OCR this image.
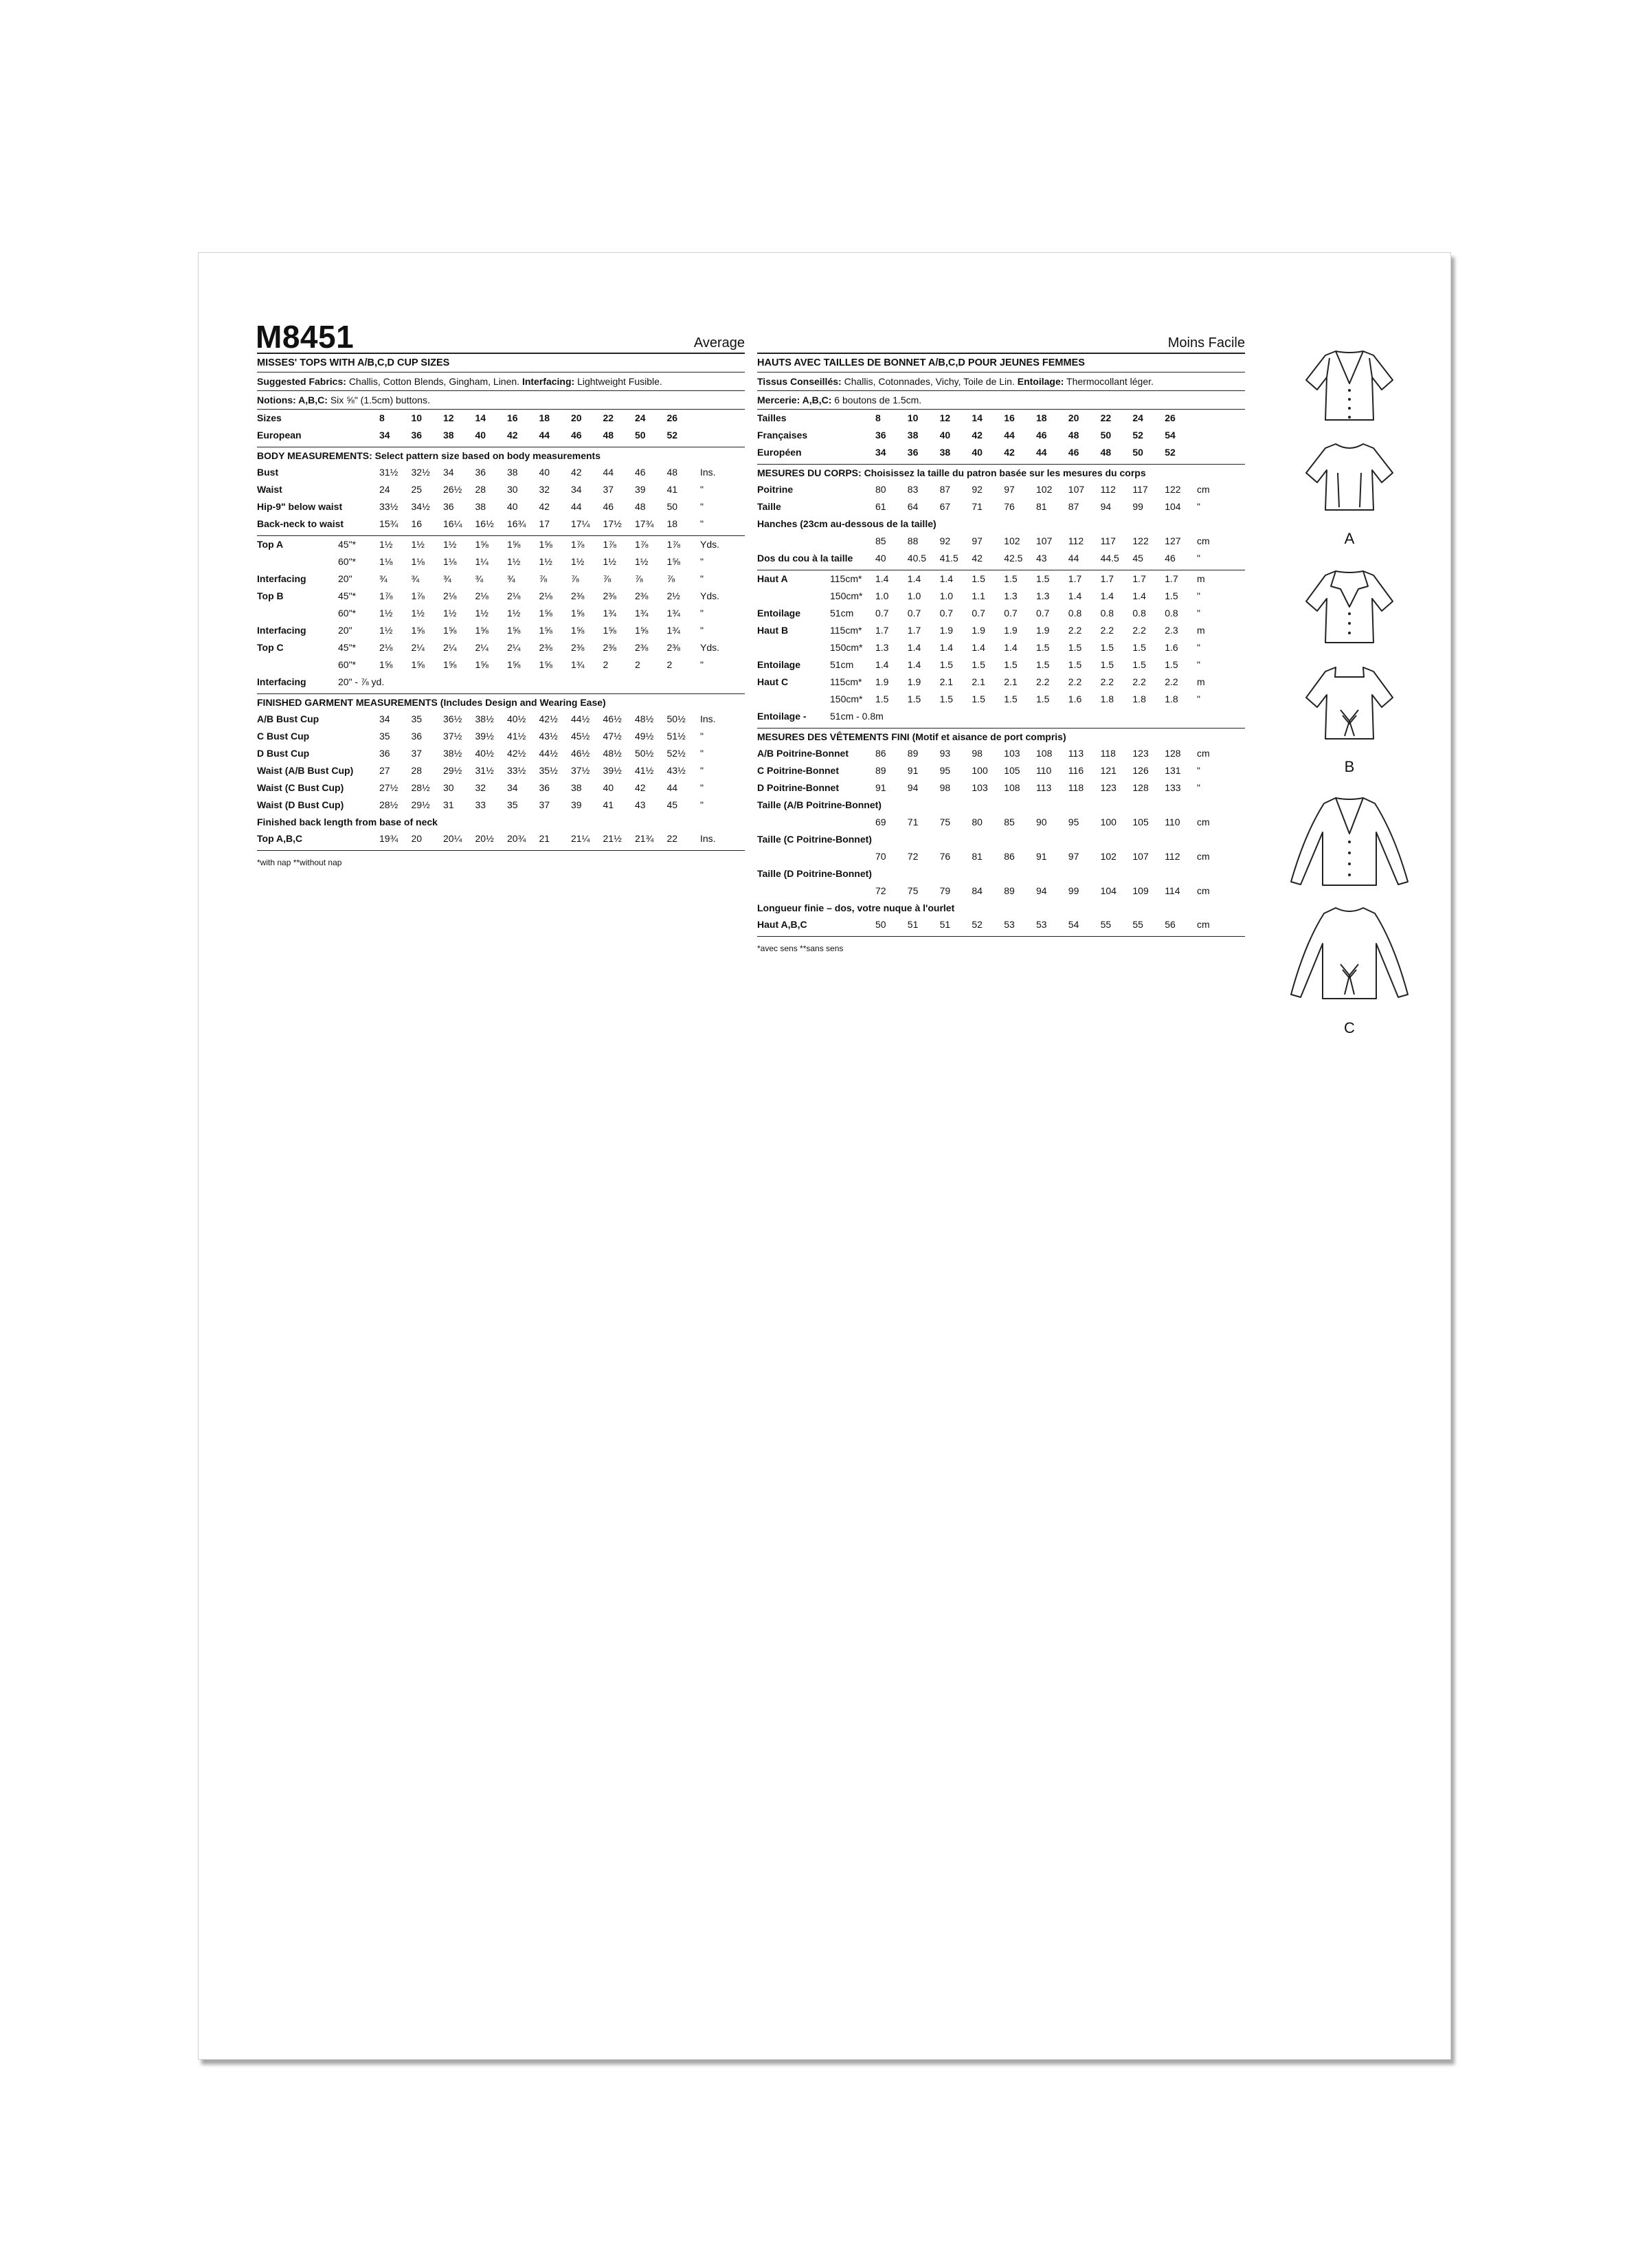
M8451	Average
MISSES' TOPS WITH A/B,C,D CUP SIZES
Suggested Fabrics: Challis, Cotton Blends, Gingham, Linen. Interfacing: Lightweight Fusible.
Notions: A,B,C: Six ⅝" (1.5cm) buttons.
Sizes	8	10 12 14 16 18 20 22 24 26
European	34 36 38 40 42 44 46 48 50 52
BODY MEASUREMENTS: Select pattern size based on body measurements
Bust	31½ 32½ 34 36 38 40 42 44 46 48 Ins.
Waist	24 25 26½ 28 30 32 34 37 39 41 "
Hip-9" below waist	33½ 34½ 36 38 40 42 44 46 48 50 "
Back-neck to waist	15¾ 16 16¼ 16½ 16¾ 17 17¼ 17½ 17¾ 18 "
Top A	45"* 1½ 1½ 1½ 1⅝ 1⅝ 1⅝ 1⅞ 1⅞ 1⅞ 1⅞ Yds.
60"* 1⅛ 1⅛ 1⅛ 1¼ 1½ 1½ 1½ 1½ 1½ 1⅝ "
Interfacing	20"	¾ ¾ ¾ ¾ ¾ ⅞ ⅞ ⅞ ⅞ ⅞	"
Top B	45"* 1⅞ 1⅞ 2⅛ 2⅛ 2⅛ 2⅛ 2⅜ 2⅜ 2⅜ 2½ Yds.
60"* 1½ 1½ 1½ 1½ 1½ 1⅝ 1⅝ 1¾ 1¾ 1¾ "
Interfacing	20"	1½ 1⅝ 1⅝ 1⅝ 1⅝ 1⅝ 1⅝ 1⅝ 1⅝ 1¾ "
Top C	45"* 2⅛ 2¼ 2¼ 2¼ 2¼ 2⅜ 2⅜ 2⅜ 2⅜ 2⅜ Yds.
60"* 1⅝ 1⅝ 1⅝ 1⅝ 1⅝ 1⅝ 1¾ 2	2	2	"
Interfacing	20" - ⅞ yd.
FINISHED GARMENT MEASUREMENTS (Includes Design and Wearing Ease)
A/B Bust Cup	34 35 36½ 38½ 40½ 42½ 44½ 46½ 48½ 50½ Ins.
C Bust Cup	35 36 37½ 39½ 41½ 43½ 45½ 47½ 49½ 51½ "
D Bust Cup	36 37 38½ 40½ 42½ 44½ 46½ 48½ 50½ 52½ "
Waist (A/B Bust Cup)	27 28 29½ 31½ 33½ 35½ 37½ 39½ 41½ 43½ "
Waist (C Bust Cup)	27½ 28½ 30 32 34 36 38 40 42 44 "
Waist (D Bust Cup)	28½ 29½ 31 33 35 37 39 41 43 45 "
Finished back length from base of neck
Top A,B,C	19¾ 20 20¼ 20½ 20¾ 21 21¼ 21½ 21¾ 22 Ins.
*with nap **without nap
Moins Facile
HAUTS AVEC TAILLES DE BONNET A/B,C,D POUR JEUNES FEMMES
Tissus Conseillés: Challis, Cotonnades, Vichy, Toile de Lin. Entoilage: Thermocollant léger.
Mercerie: A,B,C: 6 boutons de 1.5cm.
Tailles	8	10 12 14 16 18 20 22 24 26
Françaises	36 38 40 42 44 46 48 50 52 54
Européen	34 36 38 40 42 44 46 48 50 52
MESURES DU CORPS: Choisissez la taille du patron basée sur les mesures du corps
Poitrine	80 83 87 92 97 102 107 112 117 122 cm
Taille	61 64 67 71 76 81 87 94 99 104 "
Hanches (23cm au-dessous de la taille)
85 88 92 97 102 107 112 117 122 127 cm
Dos du cou à la taille 40 40.5 41.5 42 42.5 43 44 44.5 45 46 "
Haut A	115cm* 1.4 1.4 1.4 1.5 1.5 1.5 1.7 1.7 1.7 1.7 m
150cm* 1.0 1.0 1.0 1.1 1.3 1.3 1.4 1.4 1.4 1.5 "
Entoilage	51cm 0.7 0.7 0.7 0.7 0.7 0.7 0.8 0.8 0.8 0.8 "
Haut B	115cm* 1.7 1.7 1.9 1.9 1.9 1.9 2.2 2.2 2.2 2.3 m
150cm* 1.3 1.4 1.4 1.4 1.4 1.5 1.5 1.5 1.5 1.6 "
Entoilage	51cm 1.4 1.4 1.5 1.5 1.5 1.5 1.5 1.5 1.5 1.5 "
Haut C	115cm* 1.9 1.9 2.1 2.1 2.1 2.2 2.2 2.2 2.2 2.2 m
150cm* 1.5 1.5 1.5 1.5 1.5 1.5 1.6 1.8 1.8 1.8 "
Entoilage - 51cm - 0.8m
MESURES DES VÊTEMENTS FINI (Motif et aisance de port compris)
A/B Poitrine-Bonnet	86 89 93 98 103 108 113 118 123 128 cm
C Poitrine-Bonnet	89 91 95 100 105 110 116 121 126 131 "
D Poitrine-Bonnet	91 94 98 103 108 113 118 123 128 133 "
Taille (A/B Poitrine-Bonnet)
69 71 75 80 85 90 95 100 105 110 cm
Taille (C Poitrine-Bonnet)
70 72 76 81 86 91 97 102 107 112 cm
Taille (D Poitrine-Bonnet)
72 75 79 84 89 94 99 104 109 114 cm
Longueur finie – dos, votre nuque à l'ourlet
Haut A,B,C	50 51 51 52 53 53 54 55 55 56 cm
*avec sens **sans sens
A
B
C
